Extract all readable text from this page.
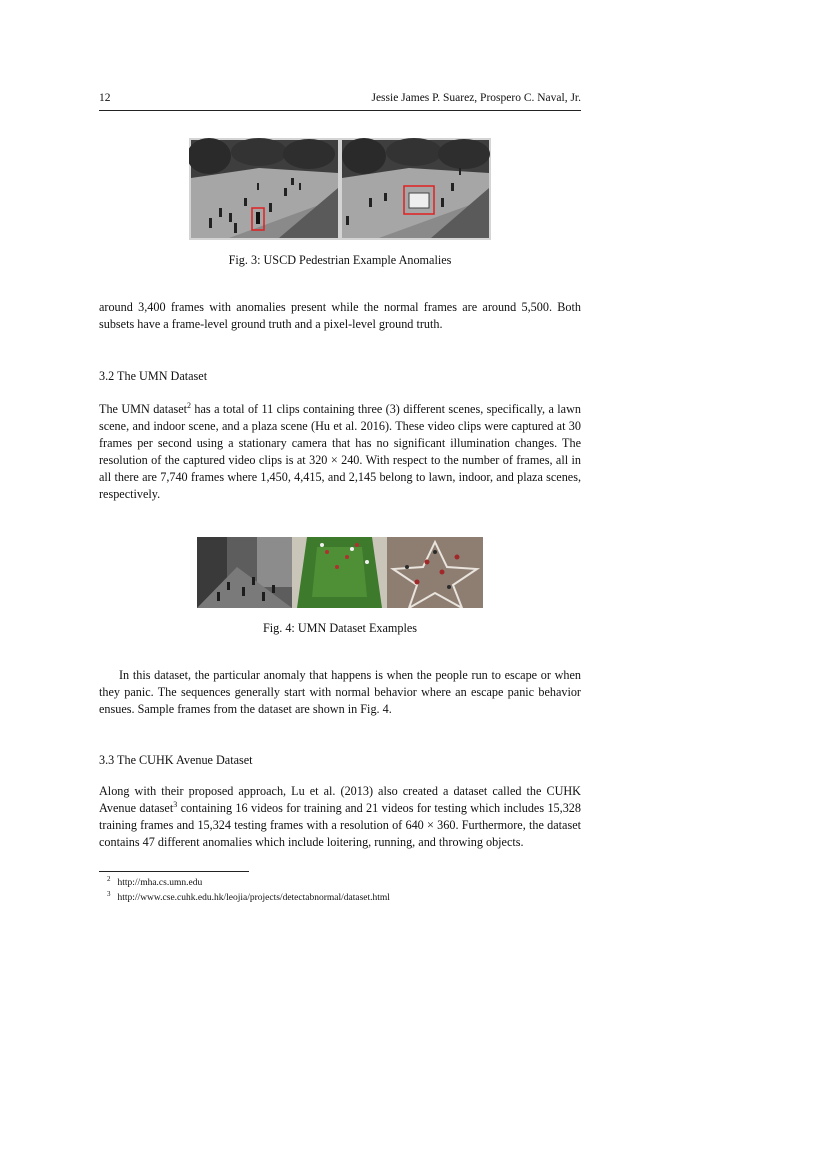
12	Jessie James P. Suarez, Prospero C. Naval, Jr.
Fig. 3: USCD Pedestrian Example Anomalies
around 3,400 frames with anomalies present while the normal frames are around 5,500. Both subsets have a frame-level ground truth and a pixel-level ground truth.
3.2 The UMN Dataset
The UMN dataset$^2$ has a total of 11 clips containing three (3) different scenes, specifically, a lawn scene, and indoor scene, and a plaza scene (Hu et al. 2016). These video clips were captured at 30 frames per second using a stationary camera that has no significant illumination changes. The resolution of the captured video clips is at 320 × 240. With respect to the number of frames, all in all there are 7,740 frames where 1,450, 4,415, and 2,145 belong to lawn, indoor, and plaza scenes, respectively.
Fig. 4: UMN Dataset Examples
In this dataset, the particular anomaly that happens is when the people run to escape or when they panic. The sequences generally start with normal behavior where an escape panic behavior ensues. Sample frames from the dataset are shown in Fig. 4.
3.3 The CUHK Avenue Dataset
Along with their proposed approach, Lu et al. (2013) also created a dataset called the CUHK Avenue dataset$^3$ containing 16 videos for training and 21 videos for testing which includes 15,328 training frames and 15,324 testing frames with a resolution of 640 × 360. Furthermore, the dataset contains 47 different anomalies which include loitering, running, and throwing objects.
$^2$ http://mha.cs.umn.edu
$^3$ http://www.cse.cuhk.edu.hk/leojia/projects/detectabnormal/dataset.html
